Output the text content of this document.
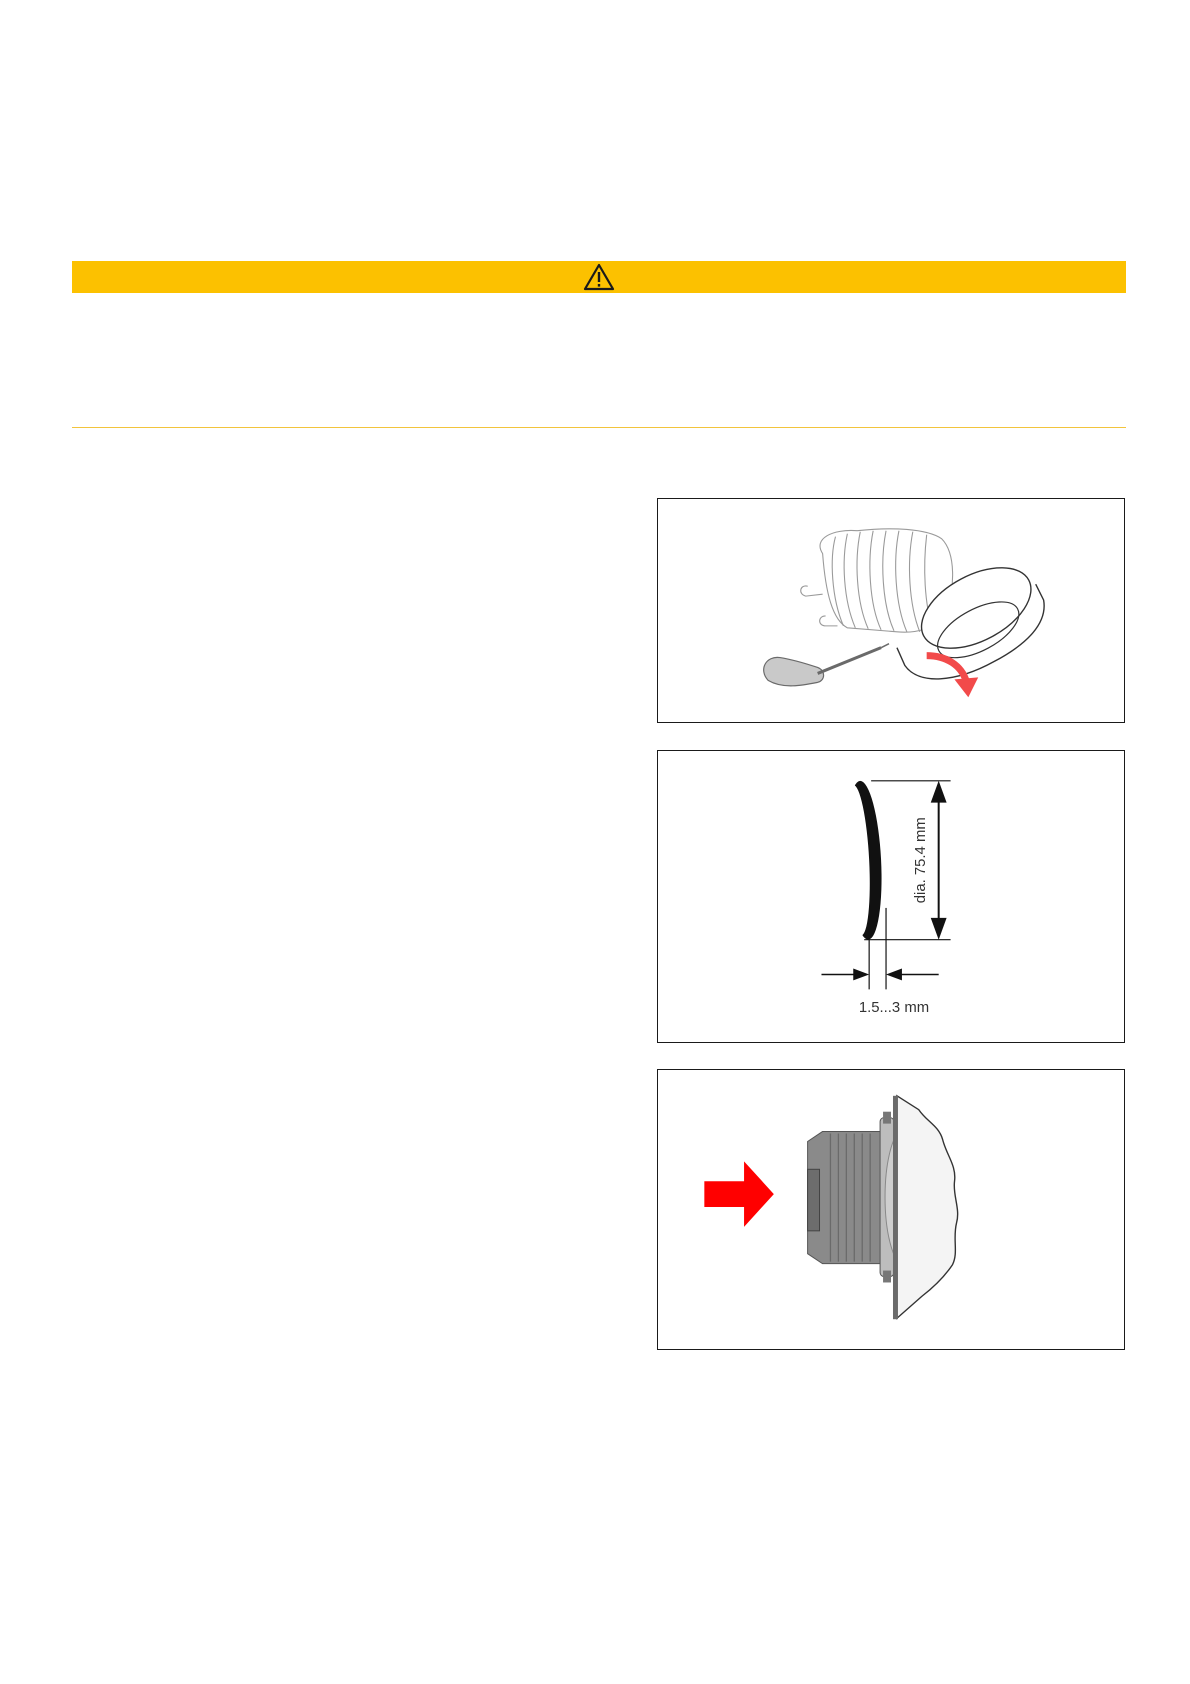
dia. 75.4 mm
1.5...3 mm
